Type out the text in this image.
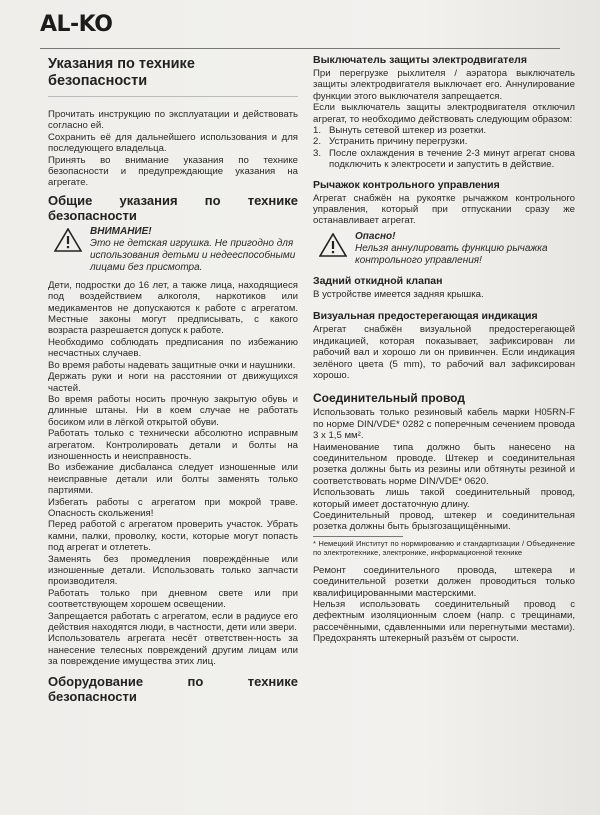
AL-KO
Указания по технике безопасности

Прочитать инструкцию по эксплуатации и действовать согласно ей.

Сохранить её для дальнейшего использования и для последующего владельца.

Принять во внимание указания по технике безопасности и предупреждающие указания на агрегате.

Общие указания по технике безопасности
ВНИМАНИЕ!
Это не детская игрушка. Не пригодно для использования детьми и недееспособными лицами без присмотра.

Дети, подростки до 16 лет, а также лица, находящиеся под воздействием алкоголя, наркотиков или медикаментов не допускаются к работе с агрегатом. Местные законы могут предписывать, с какого возраста разрешается допуск к работе.

Необходимо соблюдать предписания по избежанию несчастных случаев.

Во время работы надевать защитные очки и наушники.

Держать руки и ноги на расстоянии от движущихся частей.

Во время работы носить прочную закрытую обувь и длинные штаны. Ни в коем случае не работать босиком или в лёгкой открытой обуви.

Работать только с технически абсолютно исправным агрегатом. Контролировать детали и болты на изношенность и неисправность.

Во избежание дисбаланса следует изношенные или неисправные детали или болты заменять только партиями.

Избегать работы с агрегатом при мокрой траве. Опасность скольжения!

Перед работой с агрегатом проверить участок. Убрать камни, палки, проволку, кости, которые могут попасть под агрегат и отлететь.

Заменять без промедления повреждённые или изношенные детали. Использовать только запчасти производителя.

Работать только при дневном свете или при соответствующем хорошем освещении.

Запрещается работать с агрегатом, если в радиусе его действия находятся люди, в частности, дети или звери.

Использователь агрегата несёт ответствен-ность за нанесение телесных повреждений другим лицам или за повреждение имущества этих лиц.

Оборудование по технике безопасности
Выключатель защиты электродвигателя

При перегрузке рыхлителя / аэратора выключатель защиты электродвигателя выключает его. Аннулирование функции этого выключателя запрещается.

Если выключатель защиты электродвигателя отключил агрегат, то необходимо действовать следующим образом:

1. Вынуть сетевой штекер из розетки.
2. Устранить причину перегрузки.
3. После охлаждения в течение 2-3 минут агрегат снова подключить к электросети и запустить в действие.
Рычажок контрольного управления

Агрегат снабжён на рукоятке рычажком контрольного управления, который при отпускании сразу же останавливает агрегат.

Опасно!
Нельзя аннулировать функцию рычажка контрольного управления!
Задний откидной клапан

В устройстве имеется задняя крышка.

Визуальная предостерегающая индикация

Агрегат снабжён визуальной предостерегающей индикацией, которая показывает, зафиксирован ли рабочий вал и хорошо ли он привинчен. Если индикация зелёного цвета (5 mm), то рабочий вал зафиксирован хорошо.

Соединительный провод

Использовать только резиновый кабель марки H05RN-F по норме DIN/VDE* 0282 с поперечным сечением провода 3 x 1,5 мм².

Наименование типа должно быть нанесено на соединительном проводе. Штекер и соединительная розетка должны быть из резины или обтянуты резиной и соответствовать норме DIN/VDE* 0620.

Использовать лишь такой соединительный провод, который имеет достаточную длину.

Соединительный провод, штекер и соединительная розетка должны быть брызгозащищёнными.

* Немецкий Институт по нормированию и стандартизации / Объединение по электротехнике, электронике, информационной технике

Ремонт соединительного провода, штекера и соединительной розетки должен проводиться только квалифицированными мастерскими.

Нельзя использовать соединительный провод с дефектным изоляционным слоем (напр. с трещинами, рассечёнными, сдавленными или перегнутыми местами). Предохранять штекерный разъём от сырости.
